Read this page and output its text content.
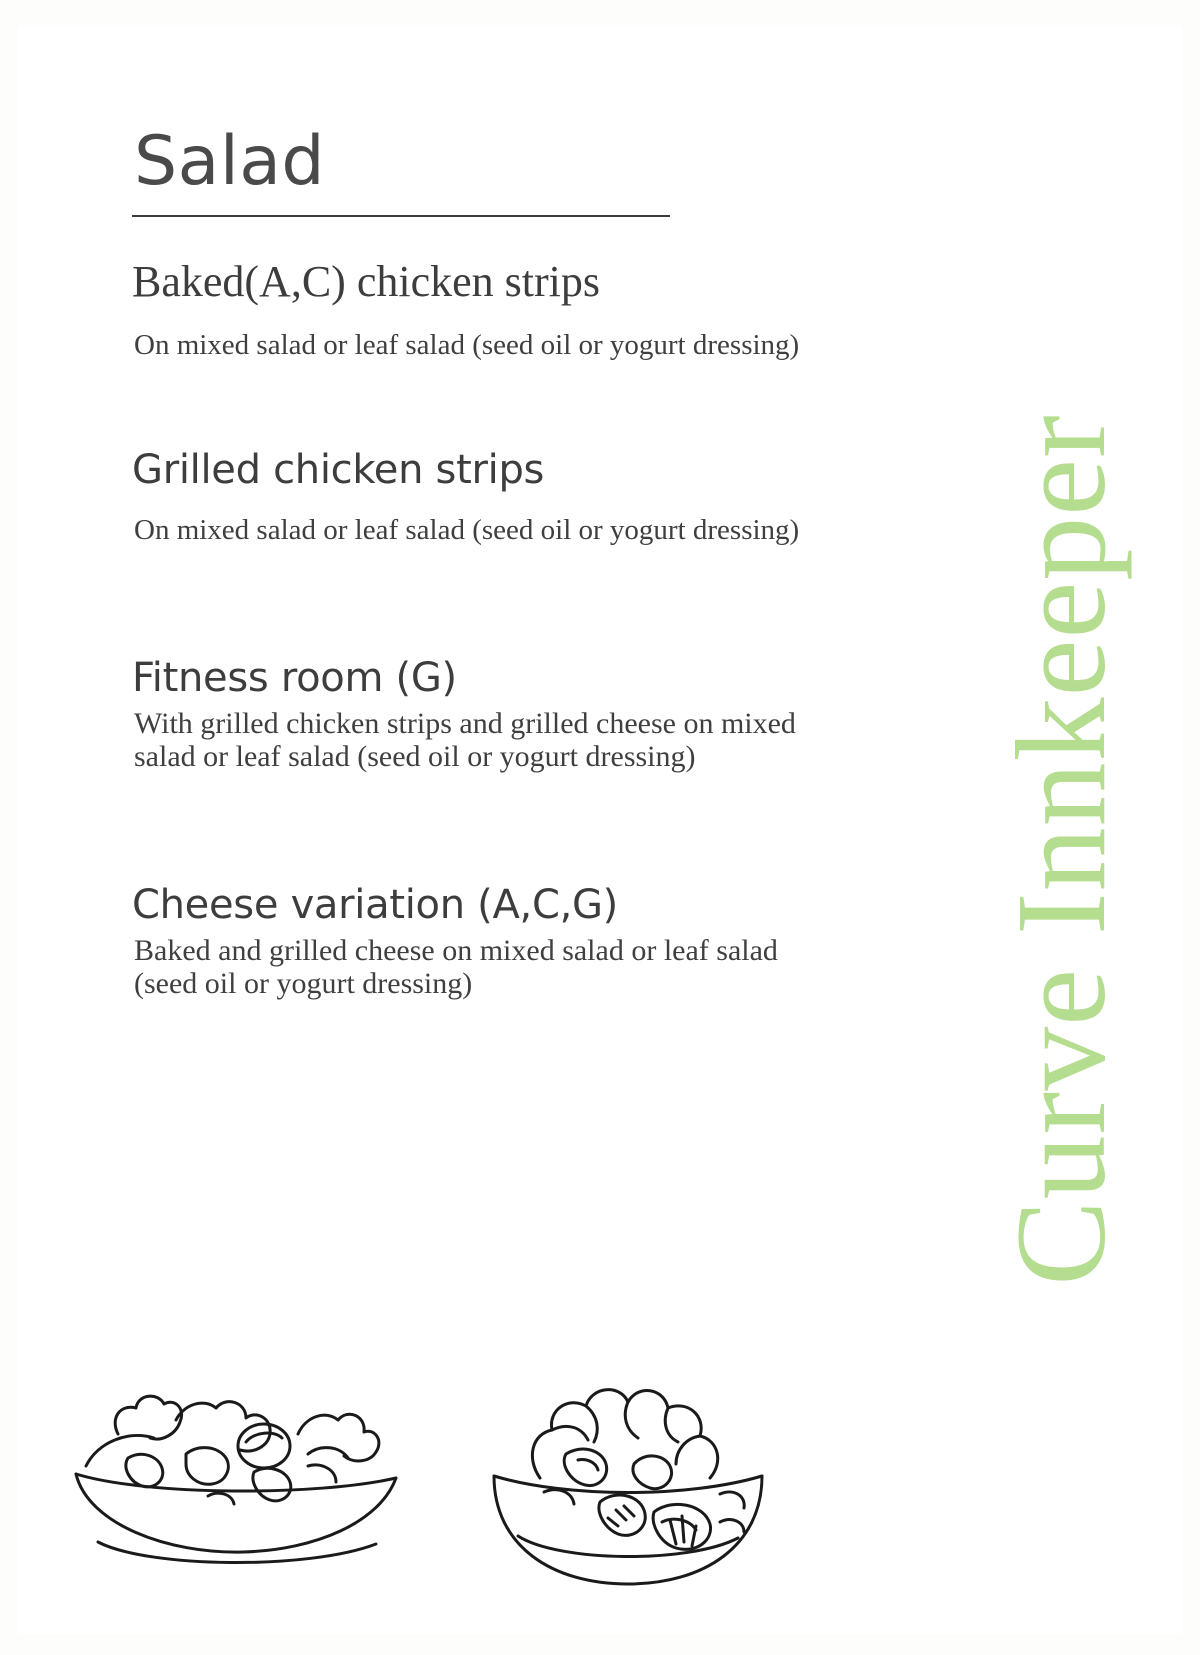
Salad
Baked(A,C) chicken strips
On mixed salad or leaf salad (seed oil or yogurt dressing)
Grilled chicken strips
On mixed salad or leaf salad (seed oil or yogurt dressing)
Fitness room (G)
With grilled chicken strips and grilled cheese on mixed salad or leaf salad (seed oil or yogurt dressing)
Cheese variation (A,C,G)
Baked and grilled cheese on mixed salad or leaf salad (seed oil or yogurt dressing)	Curve Innkeeper
